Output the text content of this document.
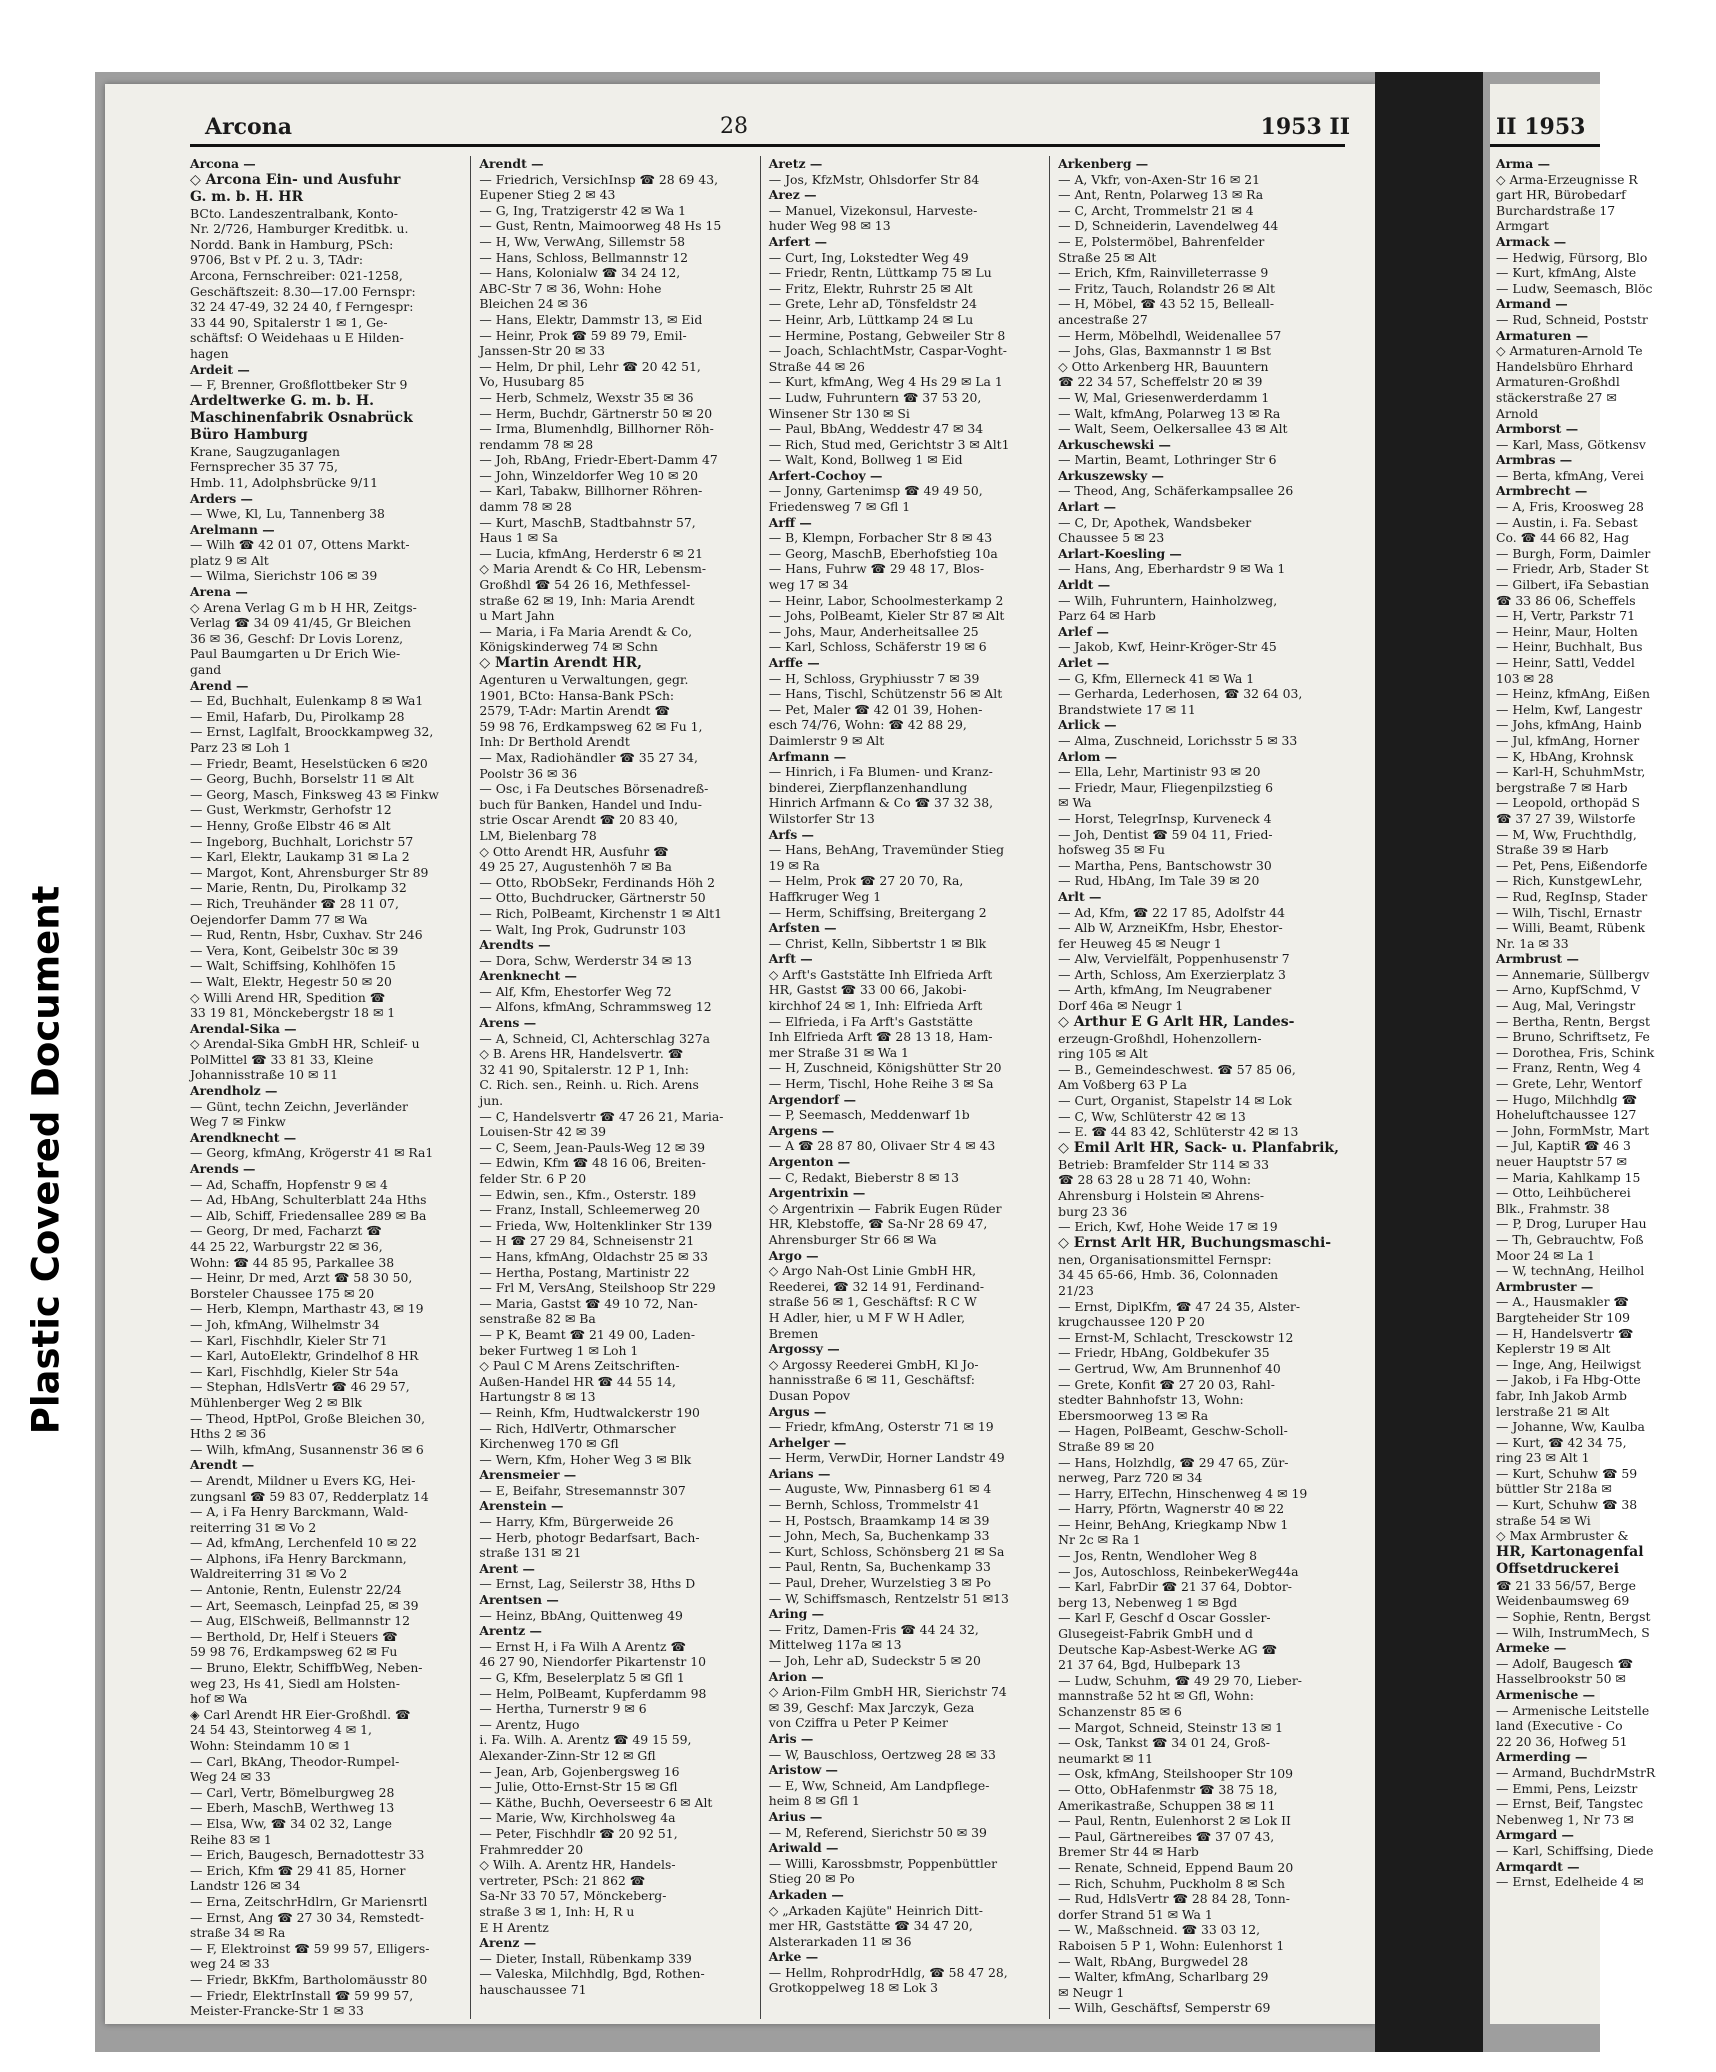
Plastic Covered Document
Arcona	28	1953 II
Arcona —
◇ Arcona Ein- und Ausfuhr
G. m. b. H. HR
BCto. Landeszentralbank, Konto-
Nr. 2/726, Hamburger Kreditbk. u.
Nordd. Bank in Hamburg, PSch:
9706, Bst v Pf. 2 u. 3, TAdr:
Arcona, Fernschreiber: 021-1258,
Geschäftszeit: 8.30—17.00 Fernspr:
32 24 47-49, 32 24 40, f Ferngespr:
33 44 90, Spitalerstr 1 ✉ 1, Ge-
schäftsf: O Weidehaas u E Hilden-
hagen
Ardeit —
— F, Brenner, Großflottbeker Str 9
Ardeltwerke G. m. b. H.
Maschinenfabrik Osnabrück
Büro Hamburg
Krane, Saugzuganlagen
Fernsprecher 35 37 75,
Hmb. 11, Adolphsbrücke 9/11
Arders —
— Wwe, Kl, Lu, Tannenberg 38
Arelmann —
— Wilh ☎ 42 01 07, Ottens Markt-
platz 9 ✉ Alt
— Wilma, Sierichstr 106 ✉ 39
Arena —
◇ Arena Verlag G m b H HR, Zeitgs-
Verlag ☎ 34 09 41/45, Gr Bleichen
36 ✉ 36, Geschf: Dr Lovis Lorenz,
Paul Baumgarten u Dr Erich Wie-
gand
Arend —
— Ed, Buchhalt, Eulenkamp 8 ✉ Wa1
— Emil, Hafarb, Du, Pirolkamp 28
— Ernst, Laglfalt, Broockkampweg 32,
Parz 23 ✉ Loh 1
— Friedr, Beamt, Heselstücken 6 ✉20
— Georg, Buchh, Borselstr 11 ✉ Alt
— Georg, Masch, Finksweg 43 ✉ Finkw
— Gust, Werkmstr, Gerhofstr 12
— Henny, Große Elbstr 46 ✉ Alt
— Ingeborg, Buchhalt, Lorichstr 57
— Karl, Elektr, Laukamp 31 ✉ La 2
— Margot, Kont, Ahrensburger Str 89
— Marie, Rentn, Du, Pirolkamp 32
— Rich, Treuhänder ☎ 28 11 07,
Oejendorfer Damm 77 ✉ Wa
— Rud, Rentn, Hsbr, Cuxhav. Str 246
— Vera, Kont, Geibelstr 30c ✉ 39
— Walt, Schiffsing, Kohlhöfen 15
— Walt, Elektr, Hegestr 50 ✉ 20
◇ Willi Arend HR, Spedition ☎
33 19 81, Mönckebergstr 18 ✉ 1
Arendal-Sika —
◇ Arendal-Sika GmbH HR, Schleif- u
PolMittel ☎ 33 81 33, Kleine
Johannisstraße 10 ✉ 11
Arendholz —
— Günt, techn Zeichn, Jeverländer
Weg 7 ✉ Finkw
Arendknecht —
— Georg, kfmAng, Krögerstr 41 ✉ Ra1
Arends —
— Ad, Schaffn, Hopfenstr 9 ✉ 4
— Ad, HbAng, Schulterblatt 24a Hths
— Alb, Schiff, Friedensallee 289 ✉ Ba
— Georg, Dr med, Facharzt ☎
44 25 22, Warburgstr 22 ✉ 36,
Wohn: ☎ 44 85 95, Parkallee 38
— Heinr, Dr med, Arzt ☎ 58 30 50,
Borsteler Chaussee 175 ✉ 20
— Herb, Klempn, Marthastr 43, ✉ 19
— Joh, kfmAng, Wilhelmstr 34
— Karl, Fischhdlr, Kieler Str 71
— Karl, AutoElektr, Grindelhof 8 HR
— Karl, Fischhdlg, Kieler Str 54a
— Stephan, HdlsVertr ☎ 46 29 57,
Mühlenberger Weg 2 ✉ Blk
— Theod, HptPol, Große Bleichen 30,
Hths 2 ✉ 36
— Wilh, kfmAng, Susannenstr 36 ✉ 6
Arendt —
— Arendt, Mildner u Evers KG, Hei-
zungsanl ☎ 59 83 07, Redderplatz 14
— A, i Fa Henry Barckmann, Wald-
reiterring 31 ✉ Vo 2
— Ad, kfmAng, Lerchenfeld 10 ✉ 22
— Alphons, iFa Henry Barckmann,
Waldreiterring 31 ✉ Vo 2
— Antonie, Rentn, Eulenstr 22/24
— Art, Seemasch, Leinpfad 25, ✉ 39
— Aug, ElSchweiß, Bellmannstr 12
— Berthold, Dr, Helf i Steuers ☎
59 98 76, Erdkampsweg 62 ✉ Fu
— Bruno, Elektr, SchiffbWeg, Neben-
weg 23, Hs 41, Siedl am Holsten-
hof ✉ Wa
◈ Carl Arendt HR Eier-Großhdl. ☎
24 54 43, Steintorweg 4 ✉ 1,
Wohn: Steindamm 10 ✉ 1
— Carl, BkAng, Theodor-Rumpel-
Weg 24 ✉ 33
— Carl, Vertr, Bömelburgweg 28
— Eberh, MaschB, Werthweg 13
— Elsa, Ww, ☎ 34 02 32, Lange
Reihe 83 ✉ 1
— Erich, Baugesch, Bernadottestr 33
— Erich, Kfm ☎ 29 41 85, Horner
Landstr 126 ✉ 34
— Erna, ZeitschrHdlrn, Gr Mariensrtl
— Ernst, Ang ☎ 27 30 34, Remstedt-
straße 34 ✉ Ra
— F, Elektroinst ☎ 59 99 57, Elligers-
weg 24 ✉ 33
— Friedr, BkKfm, Bartholomäusstr 80
— Friedr, ElektrInstall ☎ 59 99 57,
Meister-Francke-Str 1 ✉ 33
Arendt —
— Friedrich, VersichInsp ☎ 28 69 43,
Eupener Stieg 2 ✉ 43
— G, Ing, Tratzigerstr 42 ✉ Wa 1
— Gust, Rentn, Maimoorweg 48 Hs 15
— H, Ww, VerwAng, Sillemstr 58
— Hans, Schloss, Bellmannstr 12
— Hans, Kolonialw ☎ 34 24 12,
ABC-Str 7 ✉ 36, Wohn: Hohe
Bleichen 24 ✉ 36
— Hans, Elektr, Dammstr 13, ✉ Eid
— Heinr, Prok ☎ 59 89 79, Emil-
Janssen-Str 20 ✉ 33
— Helm, Dr phil, Lehr ☎ 20 42 51,
Vo, Husubarg 85
— Herb, Schmelz, Wexstr 35 ✉ 36
— Herm, Buchdr, Gärtnerstr 50 ✉ 20
— Irma, Blumenhdlg, Billhorner Röh-
rendamm 78 ✉ 28
— Joh, RbAng, Friedr-Ebert-Damm 47
— John, Winzeldorfer Weg 10 ✉ 20
— Karl, Tabakw, Billhorner Röhren-
damm 78 ✉ 28
— Kurt, MaschB, Stadtbahnstr 57,
Haus 1 ✉ Sa
— Lucia, kfmAng, Herderstr 6 ✉ 21
◇ Maria Arendt & Co HR, Lebensm-
Großhdl ☎ 54 26 16, Methfessel-
straße 62 ✉ 19, Inh: Maria Arendt
u Mart Jahn
— Maria, i Fa Maria Arendt & Co,
Königskinderweg 74 ✉ Schn
◇ Martin Arendt HR,
Agenturen u Verwaltungen, gegr.
1901, BCto: Hansa-Bank PSch:
2579, T-Adr: Martin Arendt ☎
59 98 76, Erdkampsweg 62 ✉ Fu 1,
Inh: Dr Berthold Arendt
— Max, Radiohändler ☎ 35 27 34,
Poolstr 36 ✉ 36
— Osc, i Fa Deutsches Börsenadreß-
buch für Banken, Handel und Indu-
strie Oscar Arendt ☎ 20 83 40,
LM, Bielenbarg 78
◇ Otto Arendt HR, Ausfuhr ☎
49 25 27, Augustenhöh 7 ✉ Ba
— Otto, RbObSekr, Ferdinands Höh 2
— Otto, Buchdrucker, Gärtnerstr 50
— Rich, PolBeamt, Kirchenstr 1 ✉ Alt1
— Walt, Ing Prok, Gudrunstr 103
Arendts —
— Dora, Schw, Werderstr 34 ✉ 13
Arenknecht —
— Alf, Kfm, Ehestorfer Weg 72
— Alfons, kfmAng, Schrammsweg 12
Arens —
— A, Schneid, Cl, Achterschlag 327a
◇ B. Arens HR, Handelsvertr. ☎
32 41 90, Spitalerstr. 12 P 1, Inh:
C. Rich. sen., Reinh. u. Rich. Arens
jun.
— C, Handelsvertr ☎ 47 26 21, Maria-
Louisen-Str 42 ✉ 39
— C, Seem, Jean-Pauls-Weg 12 ✉ 39
— Edwin, Kfm ☎ 48 16 06, Breiten-
felder Str. 6 P 20
— Edwin, sen., Kfm., Osterstr. 189
— Franz, Install, Schleemerweg 20
— Frieda, Ww, Holtenklinker Str 139
— H ☎ 27 29 84, Schneisenstr 21
— Hans, kfmAng, Oldachstr 25 ✉ 33
— Hertha, Postang, Martinistr 22
— Frl M, VersAng, Steilshoop Str 229
— Maria, Gastst ☎ 49 10 72, Nan-
senstraße 82 ✉ Ba
— P K, Beamt ☎ 21 49 00, Laden-
beker Furtweg 1 ✉ Loh 1
◇ Paul C M Arens Zeitschriften-
Außen-Handel HR ☎ 44 55 14,
Hartungstr 8 ✉ 13
— Reinh, Kfm, Hudtwalckerstr 190
— Rich, HdlVertr, Othmarscher
Kirchenweg 170 ✉ Gfl
— Wern, Kfm, Hoher Weg 3 ✉ Blk
Arensmeier —
— E, Beifahr, Stresemannstr 307
Arenstein —
— Harry, Kfm, Bürgerweide 26
— Herb, photogr Bedarfsart, Bach-
straße 131 ✉ 21
Arent —
— Ernst, Lag, Seilerstr 38, Hths D
Arentsen —
— Heinz, BbAng, Quittenweg 49
Arentz —
— Ernst H, i Fa Wilh A Arentz ☎
46 27 90, Niendorfer Pikartenstr 10
— G, Kfm, Beselerplatz 5 ✉ Gfl 1
— Helm, PolBeamt, Kupferdamm 98
— Hertha, Turnerstr 9 ✉ 6
— Arentz, Hugo
i. Fa. Wilh. A. Arentz ☎ 49 15 59,
Alexander-Zinn-Str 12 ✉ Gfl
— Jean, Arb, Gojenbergsweg 16
— Julie, Otto-Ernst-Str 15 ✉ Gfl
— Käthe, Buchh, Oeverseestr 6 ✉ Alt
— Marie, Ww, Kirchholsweg 4a
— Peter, Fischhdlr ☎ 20 92 51,
Frahmredder 20
◇ Wilh. A. Arentz HR, Handels-
vertreter, PSch: 21 862 ☎
Sa-Nr 33 70 57, Mönckeberg-
straße 3 ✉ 1, Inh: H, R u
E H Arentz
Arenz —
— Dieter, Install, Rübenkamp 339
— Valeska, Milchhdlg, Bgd, Rothen-
hauschaussee 71
Aretz —
— Jos, KfzMstr, Ohlsdorfer Str 84
Arez —
— Manuel, Vizekonsul, Harveste-
huder Weg 98 ✉ 13
Arfert —
— Curt, Ing, Lokstedter Weg 49
— Friedr, Rentn, Lüttkamp 75 ✉ Lu
— Fritz, Elektr, Ruhrstr 25 ✉ Alt
— Grete, Lehr aD, Tönsfeldstr 24
— Heinr, Arb, Lüttkamp 24 ✉ Lu
— Hermine, Postang, Gebweiler Str 8
— Joach, SchlachtMstr, Caspar-Voght-
Straße 44 ✉ 26
— Kurt, kfmAng, Weg 4 Hs 29 ✉ La 1
— Ludw, Fuhruntern ☎ 37 53 20,
Winsener Str 130 ✉ Si
— Paul, BbAng, Weddestr 47 ✉ 34
— Rich, Stud med, Gerichtstr 3 ✉ Alt1
— Walt, Kond, Bollweg 1 ✉ Eid
Arfert-Cochoy —
— Jonny, Gartenimsp ☎ 49 49 50,
Friedensweg 7 ✉ Gfl 1
Arff —
— B, Klempn, Forbacher Str 8 ✉ 43
— Georg, MaschB, Eberhofstieg 10a
— Hans, Fuhrw ☎ 29 48 17, Blos-
weg 17 ✉ 34
— Heinr, Labor, Schoolmesterkamp 2
— Johs, PolBeamt, Kieler Str 87 ✉ Alt
— Johs, Maur, Anderheitsallee 25
— Karl, Schloss, Schäferstr 19 ✉ 6
Arffe —
— H, Schloss, Gryphiusstr 7 ✉ 39
— Hans, Tischl, Schützenstr 56 ✉ Alt
— Pet, Maler ☎ 42 01 39, Hohen-
esch 74/76, Wohn: ☎ 42 88 29,
Daimlerstr 9 ✉ Alt
Arfmann —
— Hinrich, i Fa Blumen- und Kranz-
binderei, Zierpflanzenhandlung
Hinrich Arfmann & Co ☎ 37 32 38,
Wilstorfer Str 13
Arfs —
— Hans, BehAng, Travemünder Stieg
19 ✉ Ra
— Helm, Prok ☎ 27 20 70, Ra,
Haffkruger Weg 1
— Herm, Schiffsing, Breitergang 2
Arfsten —
— Christ, Kelln, Sibbertstr 1 ✉ Blk
Arft —
◇ Arft's Gaststätte Inh Elfrieda Arft
HR, Gastst ☎ 33 00 66, Jakobi-
kirchhof 24 ✉ 1, Inh: Elfrieda Arft
— Elfrieda, i Fa Arft's Gaststätte
Inh Elfrieda Arft ☎ 28 13 18, Ham-
mer Straße 31 ✉ Wa 1
— H, Zuschneid, Königshütter Str 20
— Herm, Tischl, Hohe Reihe 3 ✉ Sa
Argendorf —
— P, Seemasch, Meddenwarf 1b
Argens —
— A ☎ 28 87 80, Olivaer Str 4 ✉ 43
Argenton —
— C, Redakt, Bieberstr 8 ✉ 13
Argentrixin —
◇ Argentrixin — Fabrik Eugen Rüder
HR, Klebstoffe, ☎ Sa-Nr 28 69 47,
Ahrensburger Str 66 ✉ Wa
Argo —
◇ Argo Nah-Ost Linie GmbH HR,
Reederei, ☎ 32 14 91, Ferdinand-
straße 56 ✉ 1, Geschäftsf: R C W
H Adler, hier, u M F W H Adler,
Bremen
Argossy —
◇ Argossy Reederei GmbH, Kl Jo-
hannisstraße 6 ✉ 11, Geschäftsf:
Dusan Popov
Argus —
— Friedr, kfmAng, Osterstr 71 ✉ 19
Arhelger —
— Herm, VerwDir, Horner Landstr 49
Arians —
— Auguste, Ww, Pinnasberg 61 ✉ 4
— Bernh, Schloss, Trommelstr 41
— H, Postsch, Braamkamp 14 ✉ 39
— John, Mech, Sa, Buchenkamp 33
— Kurt, Schloss, Schönsberg 21 ✉ Sa
— Paul, Rentn, Sa, Buchenkamp 33
— Paul, Dreher, Wurzelstieg 3 ✉ Po
— W, Schiffsmasch, Rentzelstr 51 ✉13
Aring —
— Fritz, Damen-Fris ☎ 44 24 32,
Mittelweg 117a ✉ 13
— Joh, Lehr aD, Sudeckstr 5 ✉ 20
Arion —
◇ Arion-Film GmbH HR, Sierichstr 74
✉ 39, Geschf: Max Jarczyk, Geza
von Cziffra u Peter P Keimer
Aris —
— W, Bauschloss, Oertzweg 28 ✉ 33
Aristow —
— E, Ww, Schneid, Am Landpflege-
heim 8 ✉ Gfl 1
Arius —
— M, Referend, Sierichstr 50 ✉ 39
Ariwald —
— Willi, Karossbmstr, Poppenbüttler
Stieg 20 ✉ Po
Arkaden —
◇ „Arkaden Kajüte" Heinrich Ditt-
mer HR, Gaststätte ☎ 34 47 20,
Alsterarkaden 11 ✉ 36
Arke —
— Hellm, RohprodrHdlg, ☎ 58 47 28,
Grotkoppelweg 18 ✉ Lok 3
Arkenberg —
— A, Vkfr, von-Axen-Str 16 ✉ 21
— Ant, Rentn, Polarweg 13 ✉ Ra
— C, Archt, Trommelstr 21 ✉ 4
— D, Schneiderin, Lavendelweg 44
— E, Polstermöbel, Bahrenfelder
Straße 25 ✉ Alt
— Erich, Kfm, Rainvilleterrasse 9
— Fritz, Tauch, Rolandstr 26 ✉ Alt
— H, Möbel, ☎ 43 52 15, Belleall-
ancestraße 27
— Herm, Möbelhdl, Weidenallee 57
— Johs, Glas, Baxmannstr 1 ✉ Bst
◇ Otto Arkenberg HR, Bauuntern
☎ 22 34 57, Scheffelstr 20 ✉ 39
— W, Mal, Griesenwerderdamm 1
— Walt, kfmAng, Polarweg 13 ✉ Ra
— Walt, Seem, Oelkersallee 43 ✉ Alt
Arkuschewski —
— Martin, Beamt, Lothringer Str 6
Arkuszewsky —
— Theod, Ang, Schäferkampsallee 26
Arlart —
— C, Dr, Apothek, Wandsbeker
Chaussee 5 ✉ 23
Arlart-Koesling —
— Hans, Ang, Eberhardstr 9 ✉ Wa 1
Arldt —
— Wilh, Fuhruntern, Hainholzweg,
Parz 64 ✉ Harb
Arlef —
— Jakob, Kwf, Heinr-Kröger-Str 45
Arlet —
— G, Kfm, Ellerneck 41 ✉ Wa 1
— Gerharda, Lederhosen, ☎ 32 64 03,
Brandstwiete 17 ✉ 11
Arlick —
— Alma, Zuschneid, Lorichsstr 5 ✉ 33
Arlom —
— Ella, Lehr, Martinistr 93 ✉ 20
— Friedr, Maur, Fliegenpilzstieg 6
✉ Wa
— Horst, TelegrInsp, Kurveneck 4
— Joh, Dentist ☎ 59 04 11, Fried-
hofsweg 35 ✉ Fu
— Martha, Pens, Bantschowstr 30
— Rud, HbAng, Im Tale 39 ✉ 20
Arlt —
— Ad, Kfm, ☎ 22 17 85, Adolfstr 44
— Alb W, ArzneiKfm, Hsbr, Ehestor-
fer Heuweg 45 ✉ Neugr 1
— Alw, Vervielfält, Poppenhusenstr 7
— Arth, Schloss, Am Exerzierplatz 3
— Arth, kfmAng, Im Neugrabener
Dorf 46a ✉ Neugr 1
◇ Arthur E G Arlt HR, Landes-
erzeugn-Großhdl, Hohenzollern-
ring 105 ✉ Alt
— B., Gemeindeschwest. ☎ 57 85 06,
Am Voßberg 63 P La
— Curt, Organist, Stapelstr 14 ✉ Lok
— C, Ww, Schlüterstr 42 ✉ 13
— E. ☎ 44 83 42, Schlüterstr 42 ✉ 13
◇ Emil Arlt HR, Sack- u. Planfabrik,
Betrieb: Bramfelder Str 114 ✉ 33
☎ 28 63 28 u 28 71 40, Wohn:
Ahrensburg i Holstein ✉ Ahrens-
burg 23 36
— Erich, Kwf, Hohe Weide 17 ✉ 19
◇ Ernst Arlt HR, Buchungsmaschi-
nen, Organisationsmittel Fernspr:
34 45 65-66, Hmb. 36, Colonnaden
21/23
— Ernst, DiplKfm, ☎ 47 24 35, Alster-
krugchaussee 120 P 20
— Ernst-M, Schlacht, Tresckowstr 12
— Friedr, HbAng, Goldbekufer 35
— Gertrud, Ww, Am Brunnenhof 40
— Grete, Konfit ☎ 27 20 03, Rahl-
stedter Bahnhofstr 13, Wohn:
Ebersmoorweg 13 ✉ Ra
— Hagen, PolBeamt, Geschw-Scholl-
Straße 89 ✉ 20
— Hans, Holzhdlg, ☎ 29 47 65, Zür-
nerweg, Parz 720 ✉ 34
— Harry, ElTechn, Hinschenweg 4 ✉ 19
— Harry, Pförtn, Wagnerstr 40 ✉ 22
— Heinr, BehAng, Kriegkamp Nbw 1
Nr 2c ✉ Ra 1
— Jos, Rentn, Wendloher Weg 8
— Jos, Autoschloss, ReinbekerWeg44a
— Karl, FabrDir ☎ 21 37 64, Dobtor-
berg 13, Nebenweg 1 ✉ Bgd
— Karl F, Geschf d Oscar Gossler-
Glusegeist-Fabrik GmbH und d
Deutsche Kap-Asbest-Werke AG ☎
21 37 64, Bgd, Hulbepark 13
— Ludw, Schuhm, ☎ 49 29 70, Lieber-
mannstraße 52 ht ✉ Gfl, Wohn:
Schanzenstr 85 ✉ 6
— Margot, Schneid, Steinstr 13 ✉ 1
— Osk, Tankst ☎ 34 01 24, Groß-
neumarkt ✉ 11
— Osk, kfmAng, Steilshooper Str 109
— Otto, ObHafenmstr ☎ 38 75 18,
Amerikastraße, Schuppen 38 ✉ 11
— Paul, Rentn, Eulenhorst 2 ✉ Lok II
— Paul, Gärtnereibes ☎ 37 07 43,
Bremer Str 44 ✉ Harb
— Renate, Schneid, Eppend Baum 20
— Rich, Schuhm, Puckholm 8 ✉ Sch
— Rud, HdlsVertr ☎ 28 84 28, Tonn-
dorfer Strand 51 ✉ Wa 1
— W., Maßschneid. ☎ 33 03 12,
Raboisen 5 P 1, Wohn: Eulenhorst 1
— Walt, RbAng, Burgwedel 28
— Walter, kfmAng, Scharlbarg 29
✉ Neugr 1
— Wilh, Geschäftsf, Semperstr 69
II 1953
Arma —
◇ Arma-Erzeugnisse R
gart HR, Bürobedarf
Burchardstraße 17
Armgart
Armack —
— Hedwig, Fürsorg, Blo
— Kurt, kfmAng, Alste
— Ludw, Seemasch, Blöc
Armand —
— Rud, Schneid, Poststr
Armaturen —
◇ Armaturen-Arnold Te
Handelsbüro Ehrhard
Armaturen-Großhdl
stäckerstraße 27 ✉
Arnold
Armborst —
— Karl, Mass, Götkensv
Armbras —
— Berta, kfmAng, Verei
Armbrecht —
— A, Fris, Kroosweg 28
— Austin, i. Fa. Sebast
Co. ☎ 44 66 82, Hag
— Burgh, Form, Daimler
— Friedr, Arb, Stader St
— Gilbert, iFa Sebastian
☎ 33 86 06, Scheffels
— H, Vertr, Parkstr 71
— Heinr, Maur, Holten
— Heinr, Buchhalt, Bus
— Heinr, Sattl, Veddel
103 ✉ 28
— Heinz, kfmAng, Eißen
— Helm, Kwf, Langestr
— Johs, kfmAng, Hainb
— Jul, kfmAng, Horner
— K, HbAng, Krohnsk
— Karl-H, SchuhmMstr,
bergstraße 7 ✉ Harb
— Leopold, orthopäd S
☎ 37 27 39, Wilstorfe
— M, Ww, Fruchthdlg,
Straße 39 ✉ Harb
— Pet, Pens, Eißendorfe
— Rich, KunstgewLehr,
— Rud, RegInsp, Stader
— Wilh, Tischl, Ernastr
— Willi, Beamt, Rübenk
Nr. 1a ✉ 33
Armbrust —
— Annemarie, Süllbergv
— Arno, KupfSchmd, V
— Aug, Mal, Veringstr
— Bertha, Rentn, Bergst
— Bruno, Schriftsetz, Fe
— Dorothea, Fris, Schink
— Franz, Rentn, Weg 4
— Grete, Lehr, Wentorf
— Hugo, Milchhdlg ☎
Hoheluftchaussee 127
— John, FormMstr, Mart
— Jul, KaptiR ☎ 46 3
neuer Hauptstr 57 ✉
— Maria, Kahlkamp 15
— Otto, Leihbücherei
Blk., Frahmstr. 38
— P, Drog, Luruper Hau
— Th, Gebrauchtw, Foß
Moor 24 ✉ La 1
— W, technAng, Heilhol
Armbruster —
— A., Hausmakler ☎
Bargteheider Str 109
— H, Handelsvertr ☎
Keplerstr 19 ✉ Alt
— Inge, Ang, Heilwigst
— Jakob, i Fa Hbg-Otte
fabr, Inh Jakob Armb
lerstraße 21 ✉ Alt
— Johanne, Ww, Kaulba
— Kurt, ☎ 42 34 75,
ring 23 ✉ Alt 1
— Kurt, Schuhw ☎ 59
büttler Str 218a ✉
— Kurt, Schuhw ☎ 38
straße 54 ✉ Wi
◇ Max Armbruster &
HR, Kartonagenfal
Offsetdruckerei
☎ 21 33 56/57, Berge
Weidenbaumsweg 69
— Sophie, Rentn, Bergst
— Wilh, InstrumMech, S
Armeke —
— Adolf, Baugesch ☎
Hasselbrookstr 50 ✉
Armenische —
— Armenische Leitstelle
land (Executive - Co
22 20 36, Hofweg 51
Armerding —
— Armand, BuchdrMstrR
— Emmi, Pens, Leizstr
— Ernst, Beif, Tangstec
Nebenweg 1, Nr 73 ✉
Armgard —
— Karl, Schiffsing, Diede
Armqardt —
— Ernst, Edelheide 4 ✉
